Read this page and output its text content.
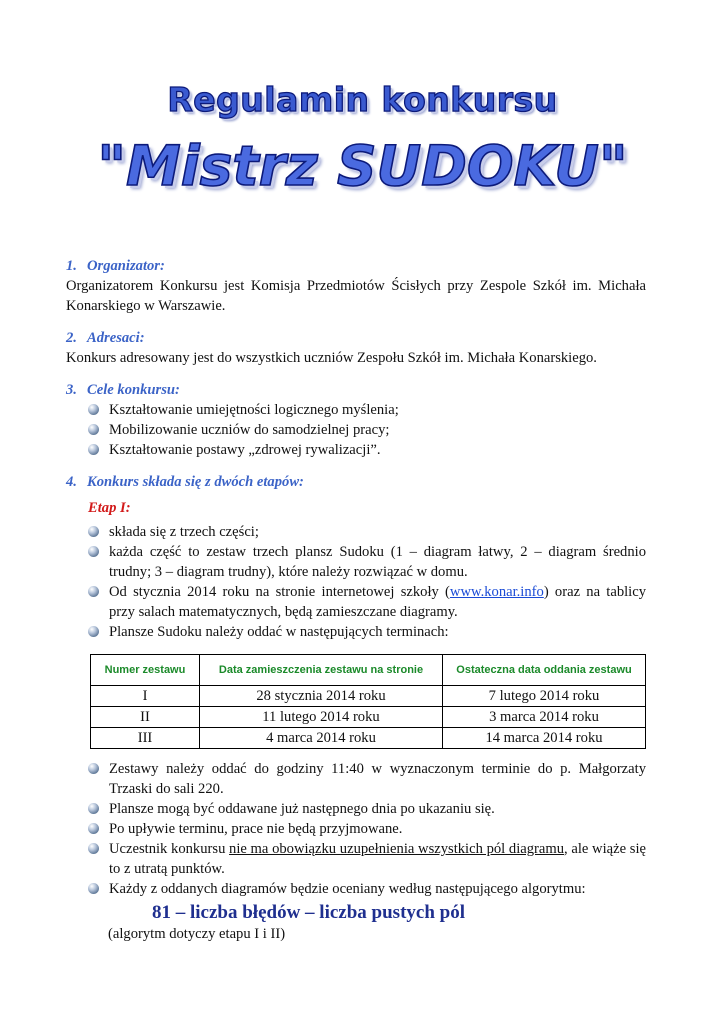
Regulamin konkursu
"Mistrz SUDOKU"
1. Organizator:

Organizatorem Konkursu jest Komisja Przedmiotów Ścisłych przy Zespole Szkół im. Michała Konarskiego w Warszawie.

2. Adresaci:

Konkurs adresowany jest do wszystkich uczniów Zespołu Szkół im. Michała Konarskiego.

3. Cele konkursu:
Kształtowanie umiejętności logicznego myślenia;
Mobilizowanie uczniów do samodzielnej pracy;
Kształtowanie postawy „zdrowej rywalizacji”.
4. Konkurs składa się z dwóch etapów:
Etap I:
składa się z trzech części;
każda część to zestaw trzech plansz Sudoku (1 – diagram łatwy, 2 – diagram średnio trudny; 3 – diagram trudny), które należy rozwiązać w domu.
Od stycznia 2014 roku na stronie internetowej szkoły (www.konar.info) oraz na tablicy przy salach matematycznych, będą zamieszczane diagramy.
Plansze Sudoku należy oddać w następujących terminach:
Numer zestawu	Data zamieszczenia zestawu na stronie	Ostateczna data oddania zestawu
I	28 stycznia 2014 roku	7 lutego 2014 roku
II	11 lutego 2014 roku	3 marca 2014 roku
III	4 marca 2014 roku	14 marca 2014 roku
Zestawy należy oddać do godziny 11:40 w wyznaczonym terminie do p. Małgorzaty Trzaski do sali 220.
Plansze mogą być oddawane już następnego dnia po ukazaniu się.
Po upływie terminu, prace nie będą przyjmowane.
Uczestnik konkursu nie ma obowiązku uzupełnienia wszystkich pól diagramu, ale wiąże się to z utratą punktów.
Każdy z oddanych diagramów będzie oceniany według następującego algorytmu:
81 – liczba błędów – liczba pustych pól
(algorytm dotyczy etapu I i II)
